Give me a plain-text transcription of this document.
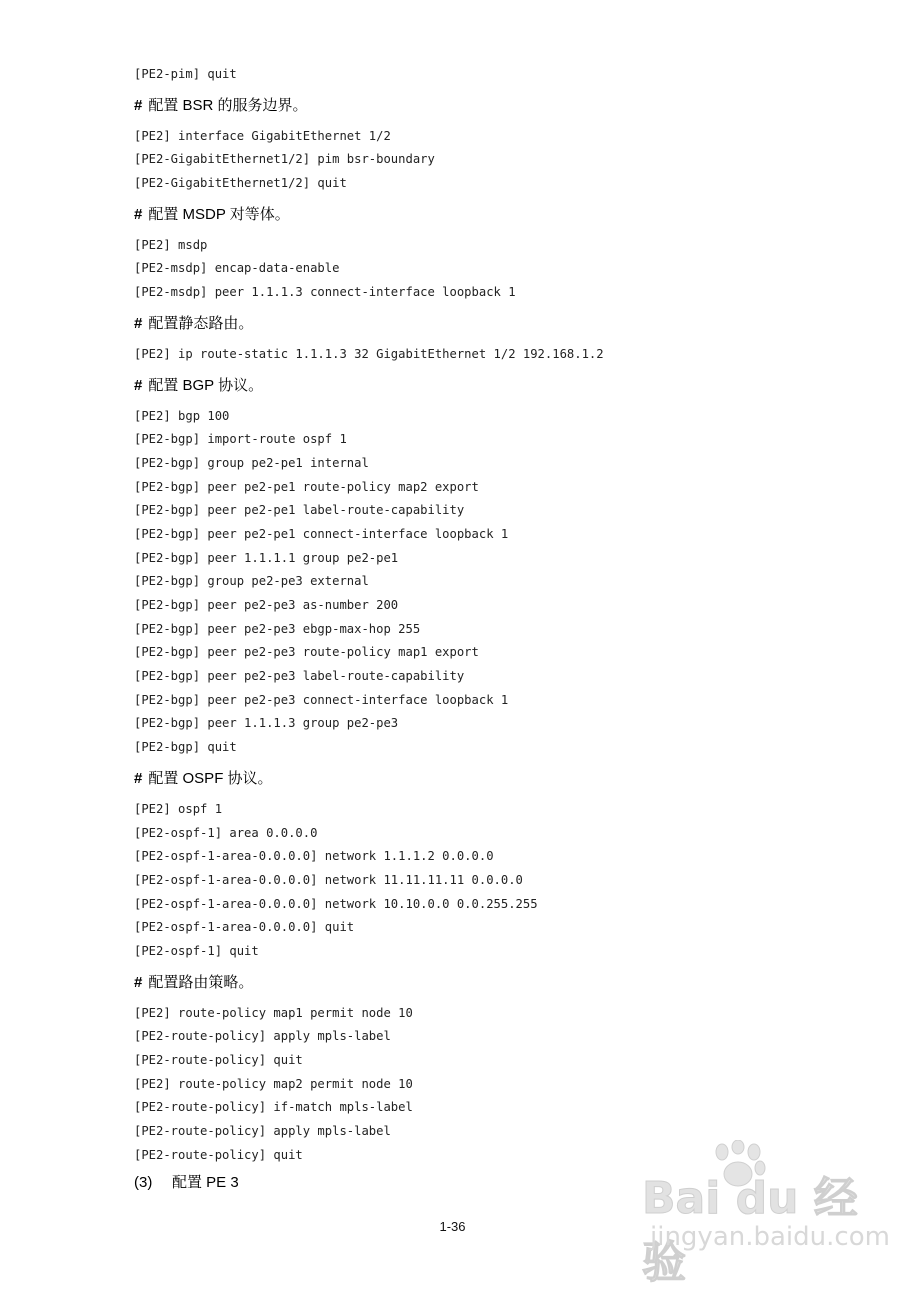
[PE2-pim] quit
# 配置 BSR 的服务边界。
[PE2] interface GigabitEthernet 1/2
[PE2-GigabitEthernet1/2] pim bsr-boundary
[PE2-GigabitEthernet1/2] quit
# 配置 MSDP 对等体。
[PE2] msdp
[PE2-msdp] encap-data-enable
[PE2-msdp] peer 1.1.1.3 connect-interface loopback 1
# 配置静态路由。
[PE2] ip route-static 1.1.1.3 32 GigabitEthernet 1/2 192.168.1.2
# 配置 BGP 协议。
[PE2] bgp 100
[PE2-bgp] import-route ospf 1
[PE2-bgp] group pe2-pe1 internal
[PE2-bgp] peer pe2-pe1 route-policy map2 export
[PE2-bgp] peer pe2-pe1 label-route-capability
[PE2-bgp] peer pe2-pe1 connect-interface loopback 1
[PE2-bgp] peer 1.1.1.1 group pe2-pe1
[PE2-bgp] group pe2-pe3 external
[PE2-bgp] peer pe2-pe3 as-number 200
[PE2-bgp] peer pe2-pe3 ebgp-max-hop 255
[PE2-bgp] peer pe2-pe3 route-policy map1 export
[PE2-bgp] peer pe2-pe3 label-route-capability
[PE2-bgp] peer pe2-pe3 connect-interface loopback 1
[PE2-bgp] peer 1.1.1.3 group pe2-pe3
[PE2-bgp] quit
# 配置 OSPF 协议。
[PE2] ospf 1
[PE2-ospf-1] area 0.0.0.0
[PE2-ospf-1-area-0.0.0.0] network 1.1.1.2 0.0.0.0
[PE2-ospf-1-area-0.0.0.0] network 11.11.11.11 0.0.0.0
[PE2-ospf-1-area-0.0.0.0] network 10.10.0.0 0.0.255.255
[PE2-ospf-1-area-0.0.0.0] quit
[PE2-ospf-1] quit
# 配置路由策略。
[PE2] route-policy map1 permit node 10
[PE2-route-policy] apply mpls-label
[PE2-route-policy] quit
[PE2] route-policy map2 permit node 10
[PE2-route-policy] if-match mpls-label
[PE2-route-policy] apply mpls-label
[PE2-route-policy] quit
(3) 配置 PE 3
1-36
Bai du 经验
jingyan.baidu.com
